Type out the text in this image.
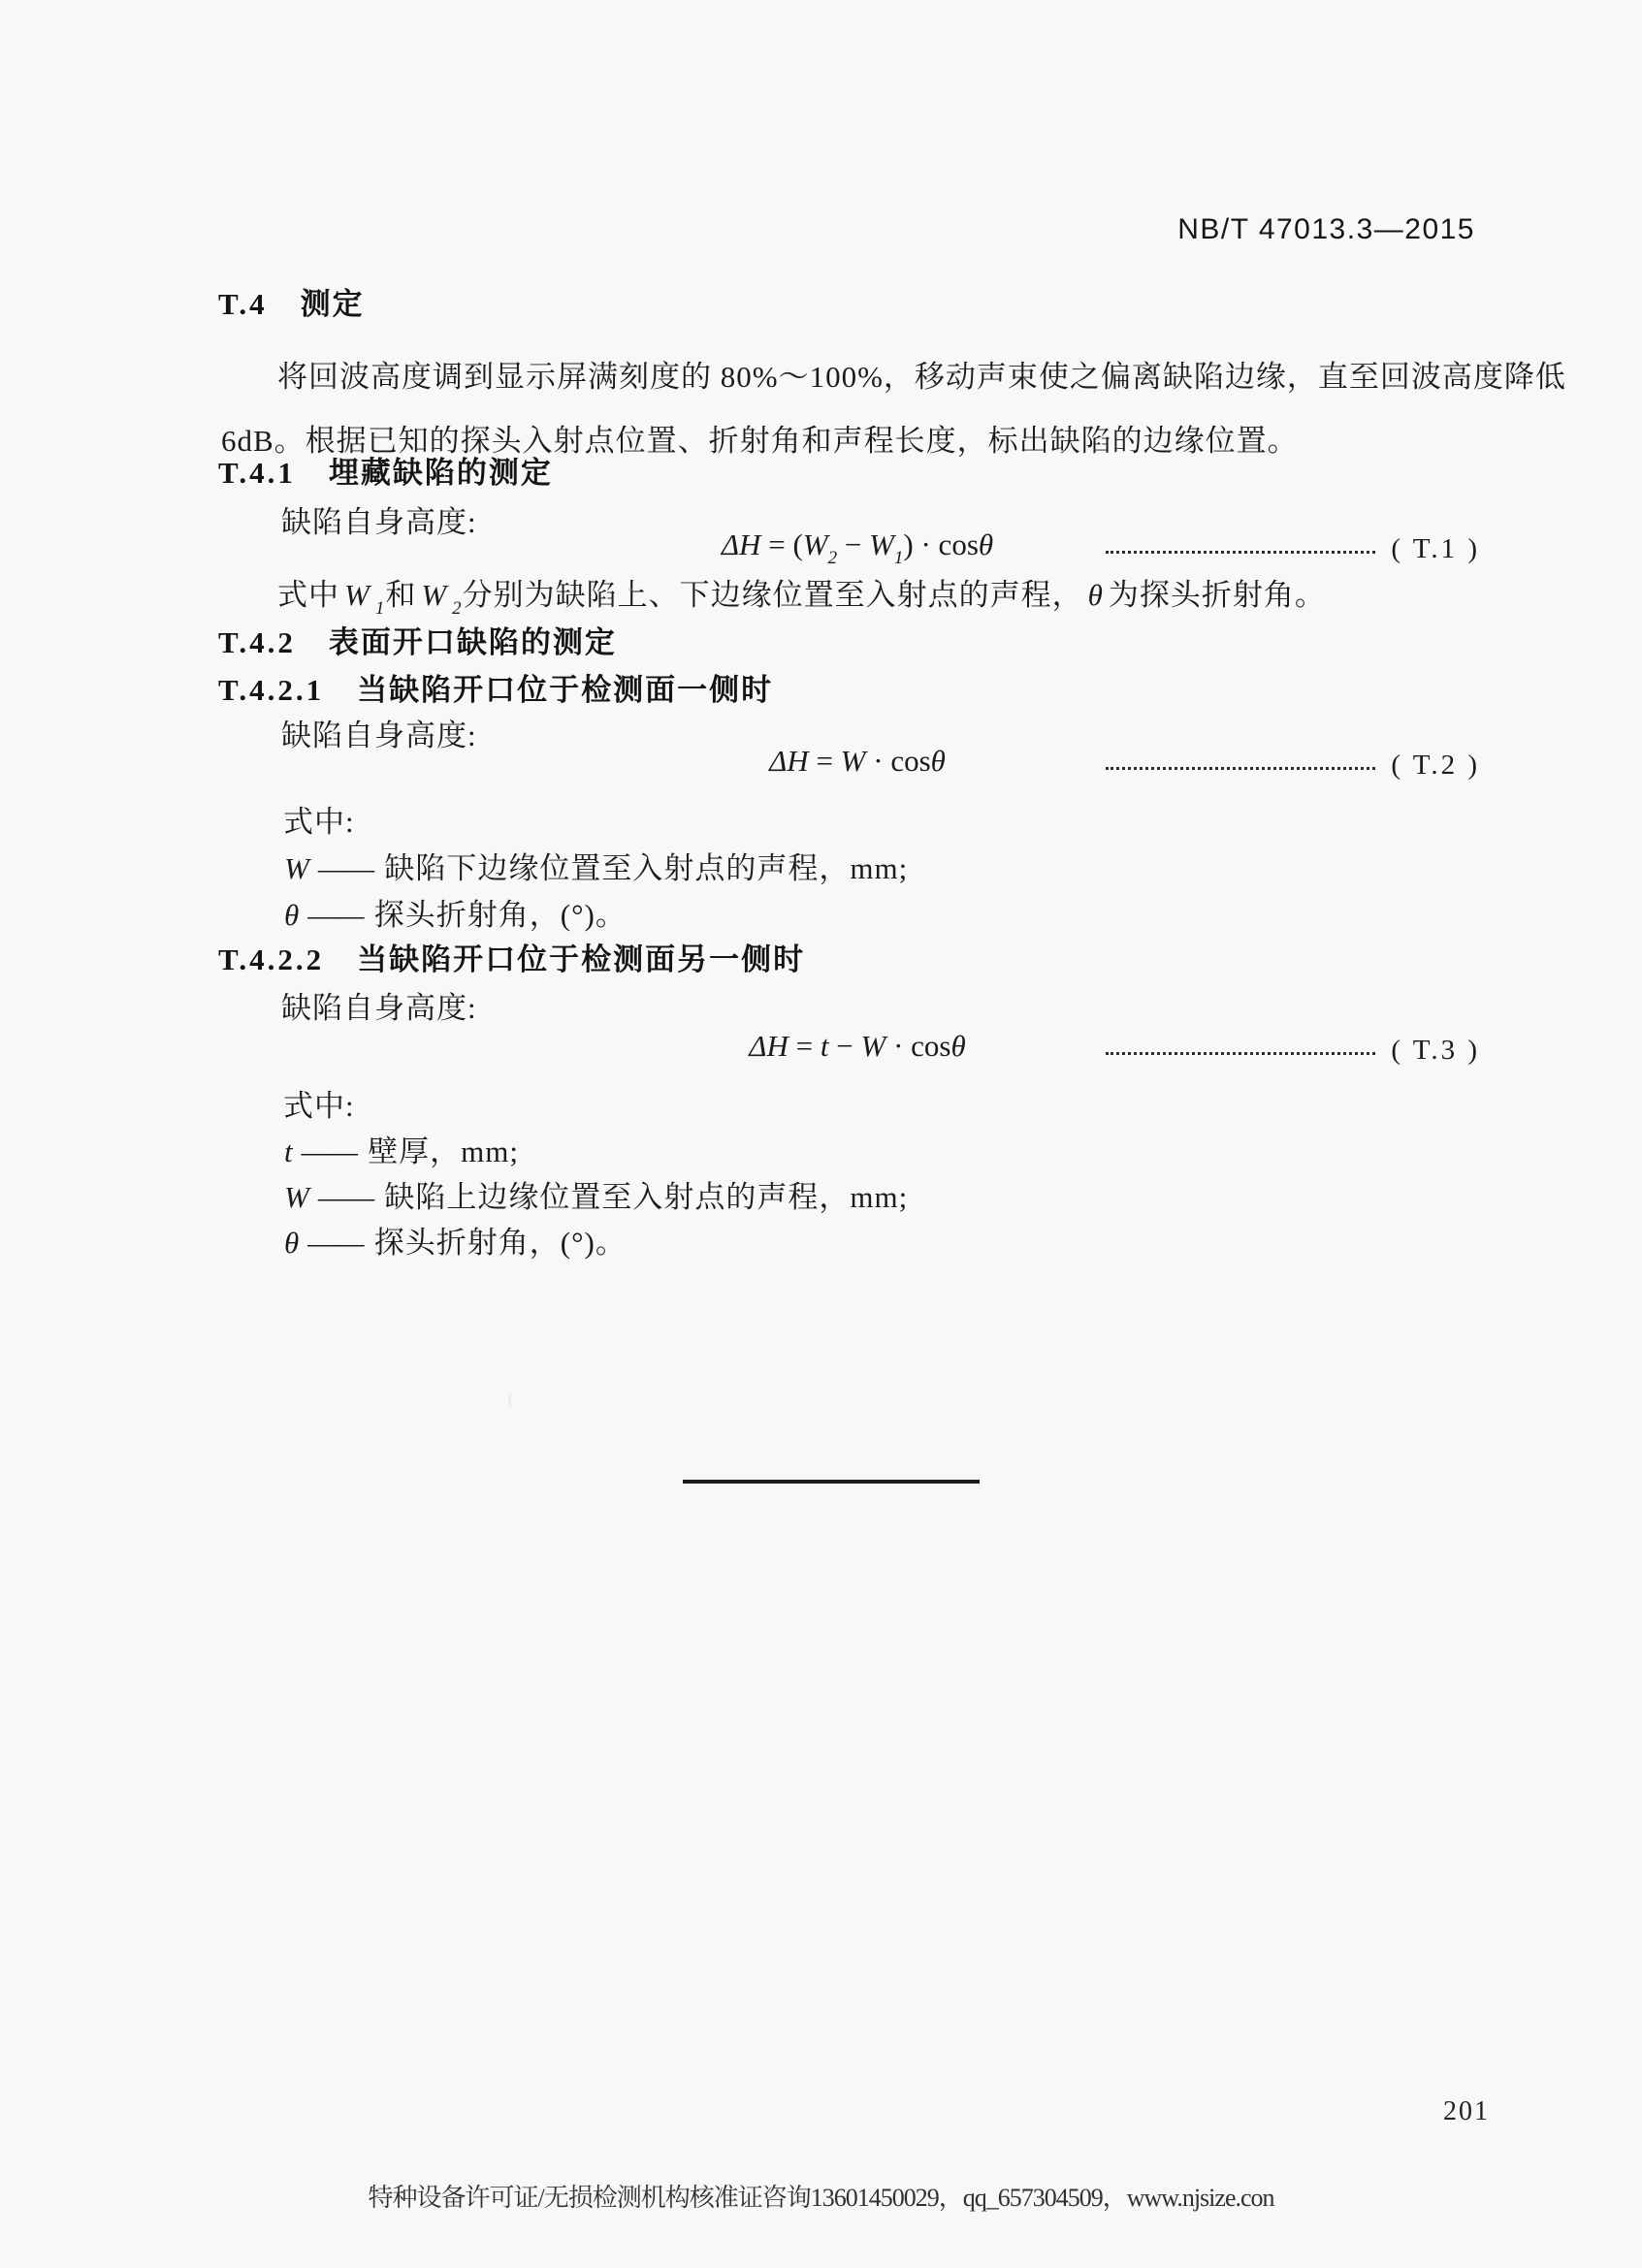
NB/T 47013.3—2015
T.4 测定
将回波高度调到显示屏满刻度的 80%～100%，移动声束使之偏离缺陷边缘，直至回波高度降低
6dB。根据已知的探头入射点位置、折射角和声程长度，标出缺陷的边缘位置。
T.4.1 埋藏缺陷的测定
缺陷自身高度:
$\Delta H = (W_2 - W_1) \cdot \cos\theta$	( T.1 )
式中 W $_1$和 W $_2$分别为缺陷上、下边缘位置至入射点的声程， θ 为探头折射角。
T.4.2 表面开口缺陷的测定
T.4.2.1 当缺陷开口位于检测面一侧时
缺陷自身高度:
ΔH = W · cosθ	( T.2 )
式中:
W —— 缺陷下边缘位置至入射点的声程，mm;
θ —— 探头折射角，(°)。
T.4.2.2 当缺陷开口位于检测面另一侧时
缺陷自身高度:
ΔH = t − W · cosθ	( T.3 )
式中:
t —— 壁厚，mm;
W —— 缺陷上边缘位置至入射点的声程，mm;
θ —— 探头折射角，(°)。
201
特种设备许可证/无损检测机构核准证咨询13601450029，qq_657304509，www.njsize.con
